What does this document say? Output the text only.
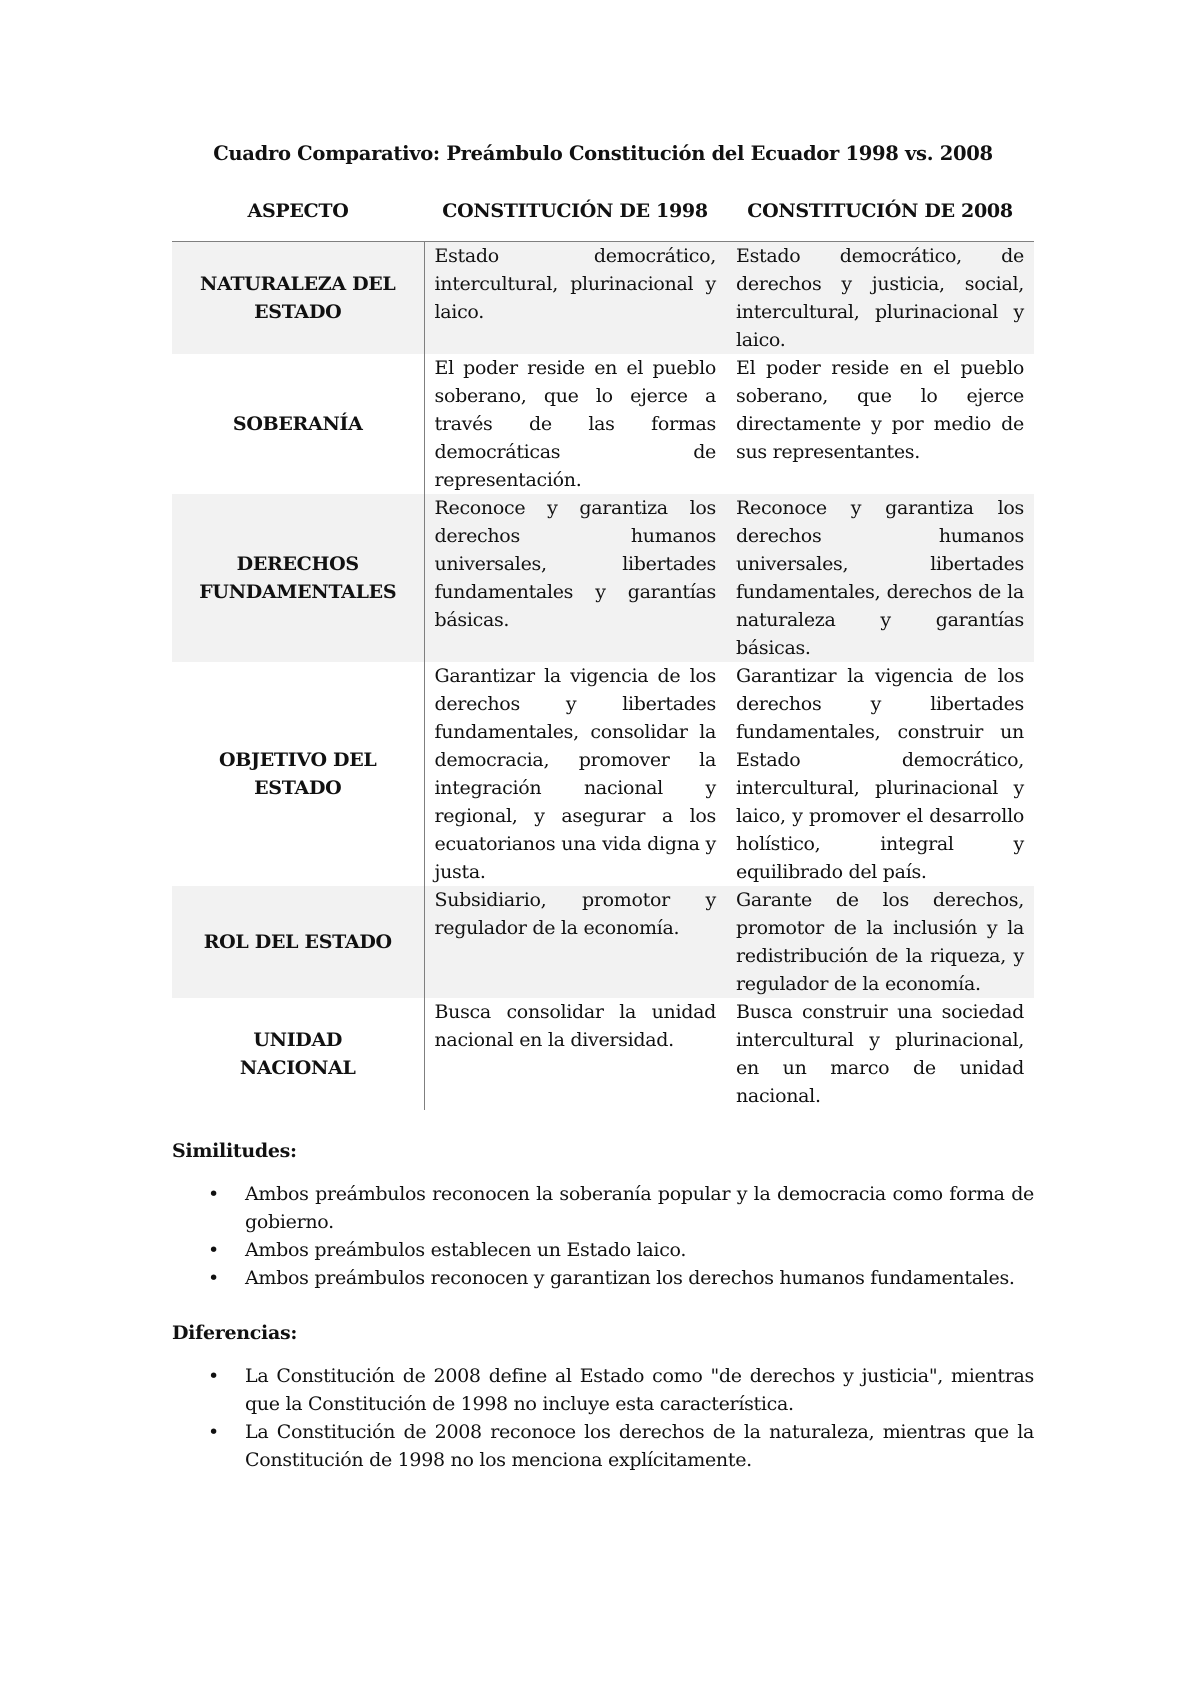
Cuadro Comparativo: Preámbulo Constitución del Ecuador 1998 vs. 2008
ASPECTO	CONSTITUCIÓN DE 1998	CONSTITUCIÓN DE 2008
NATURALEZA DEL ESTADO	Estado democrático, intercultural, plurinacional y laico.	Estado democrático, de derechos y justicia, social, intercultural, plurinacional y laico.
SOBERANÍA	El poder reside en el pueblo soberano, que lo ejerce a través de las formas democráticas de representación.	El poder reside en el pueblo soberano, que lo ejerce directamente y por medio de sus representantes.
DERECHOS FUNDAMENTALES	Reconoce y garantiza los derechos humanos universales, libertades fundamentales y garantías básicas.	Reconoce y garantiza los derechos humanos universales, libertades fundamentales, derechos de la naturaleza y garantías básicas.
OBJETIVO DEL ESTADO	Garantizar la vigencia de los derechos y libertades fundamentales, consolidar la democracia, promover la integración nacional y regional, y asegurar a los ecuatorianos una vida digna y justa.	Garantizar la vigencia de los derechos y libertades fundamentales, construir un Estado democrático, intercultural, plurinacional y laico, y promover el desarrollo holístico, integral y equilibrado del país.
ROL DEL ESTADO	Subsidiario, promotor y regulador de la economía.	Garante de los derechos, promotor de la inclusión y la redistribución de la riqueza, y regulador de la economía.
UNIDAD NACIONAL	Busca consolidar la unidad nacional en la diversidad.	Busca construir una sociedad intercultural y plurinacional, en un marco de unidad nacional.
Similitudes:
• Ambos preámbulos reconocen la soberanía popular y la democracia como forma de gobierno.
• Ambos preámbulos establecen un Estado laico.
• Ambos preámbulos reconocen y garantizan los derechos humanos fundamentales.
Diferencias:
• La Constitución de 2008 define al Estado como "de derechos y justicia", mientras que la Constitución de 1998 no incluye esta característica.
• La Constitución de 2008 reconoce los derechos de la naturaleza, mientras que la Constitución de 1998 no los menciona explícitamente.
